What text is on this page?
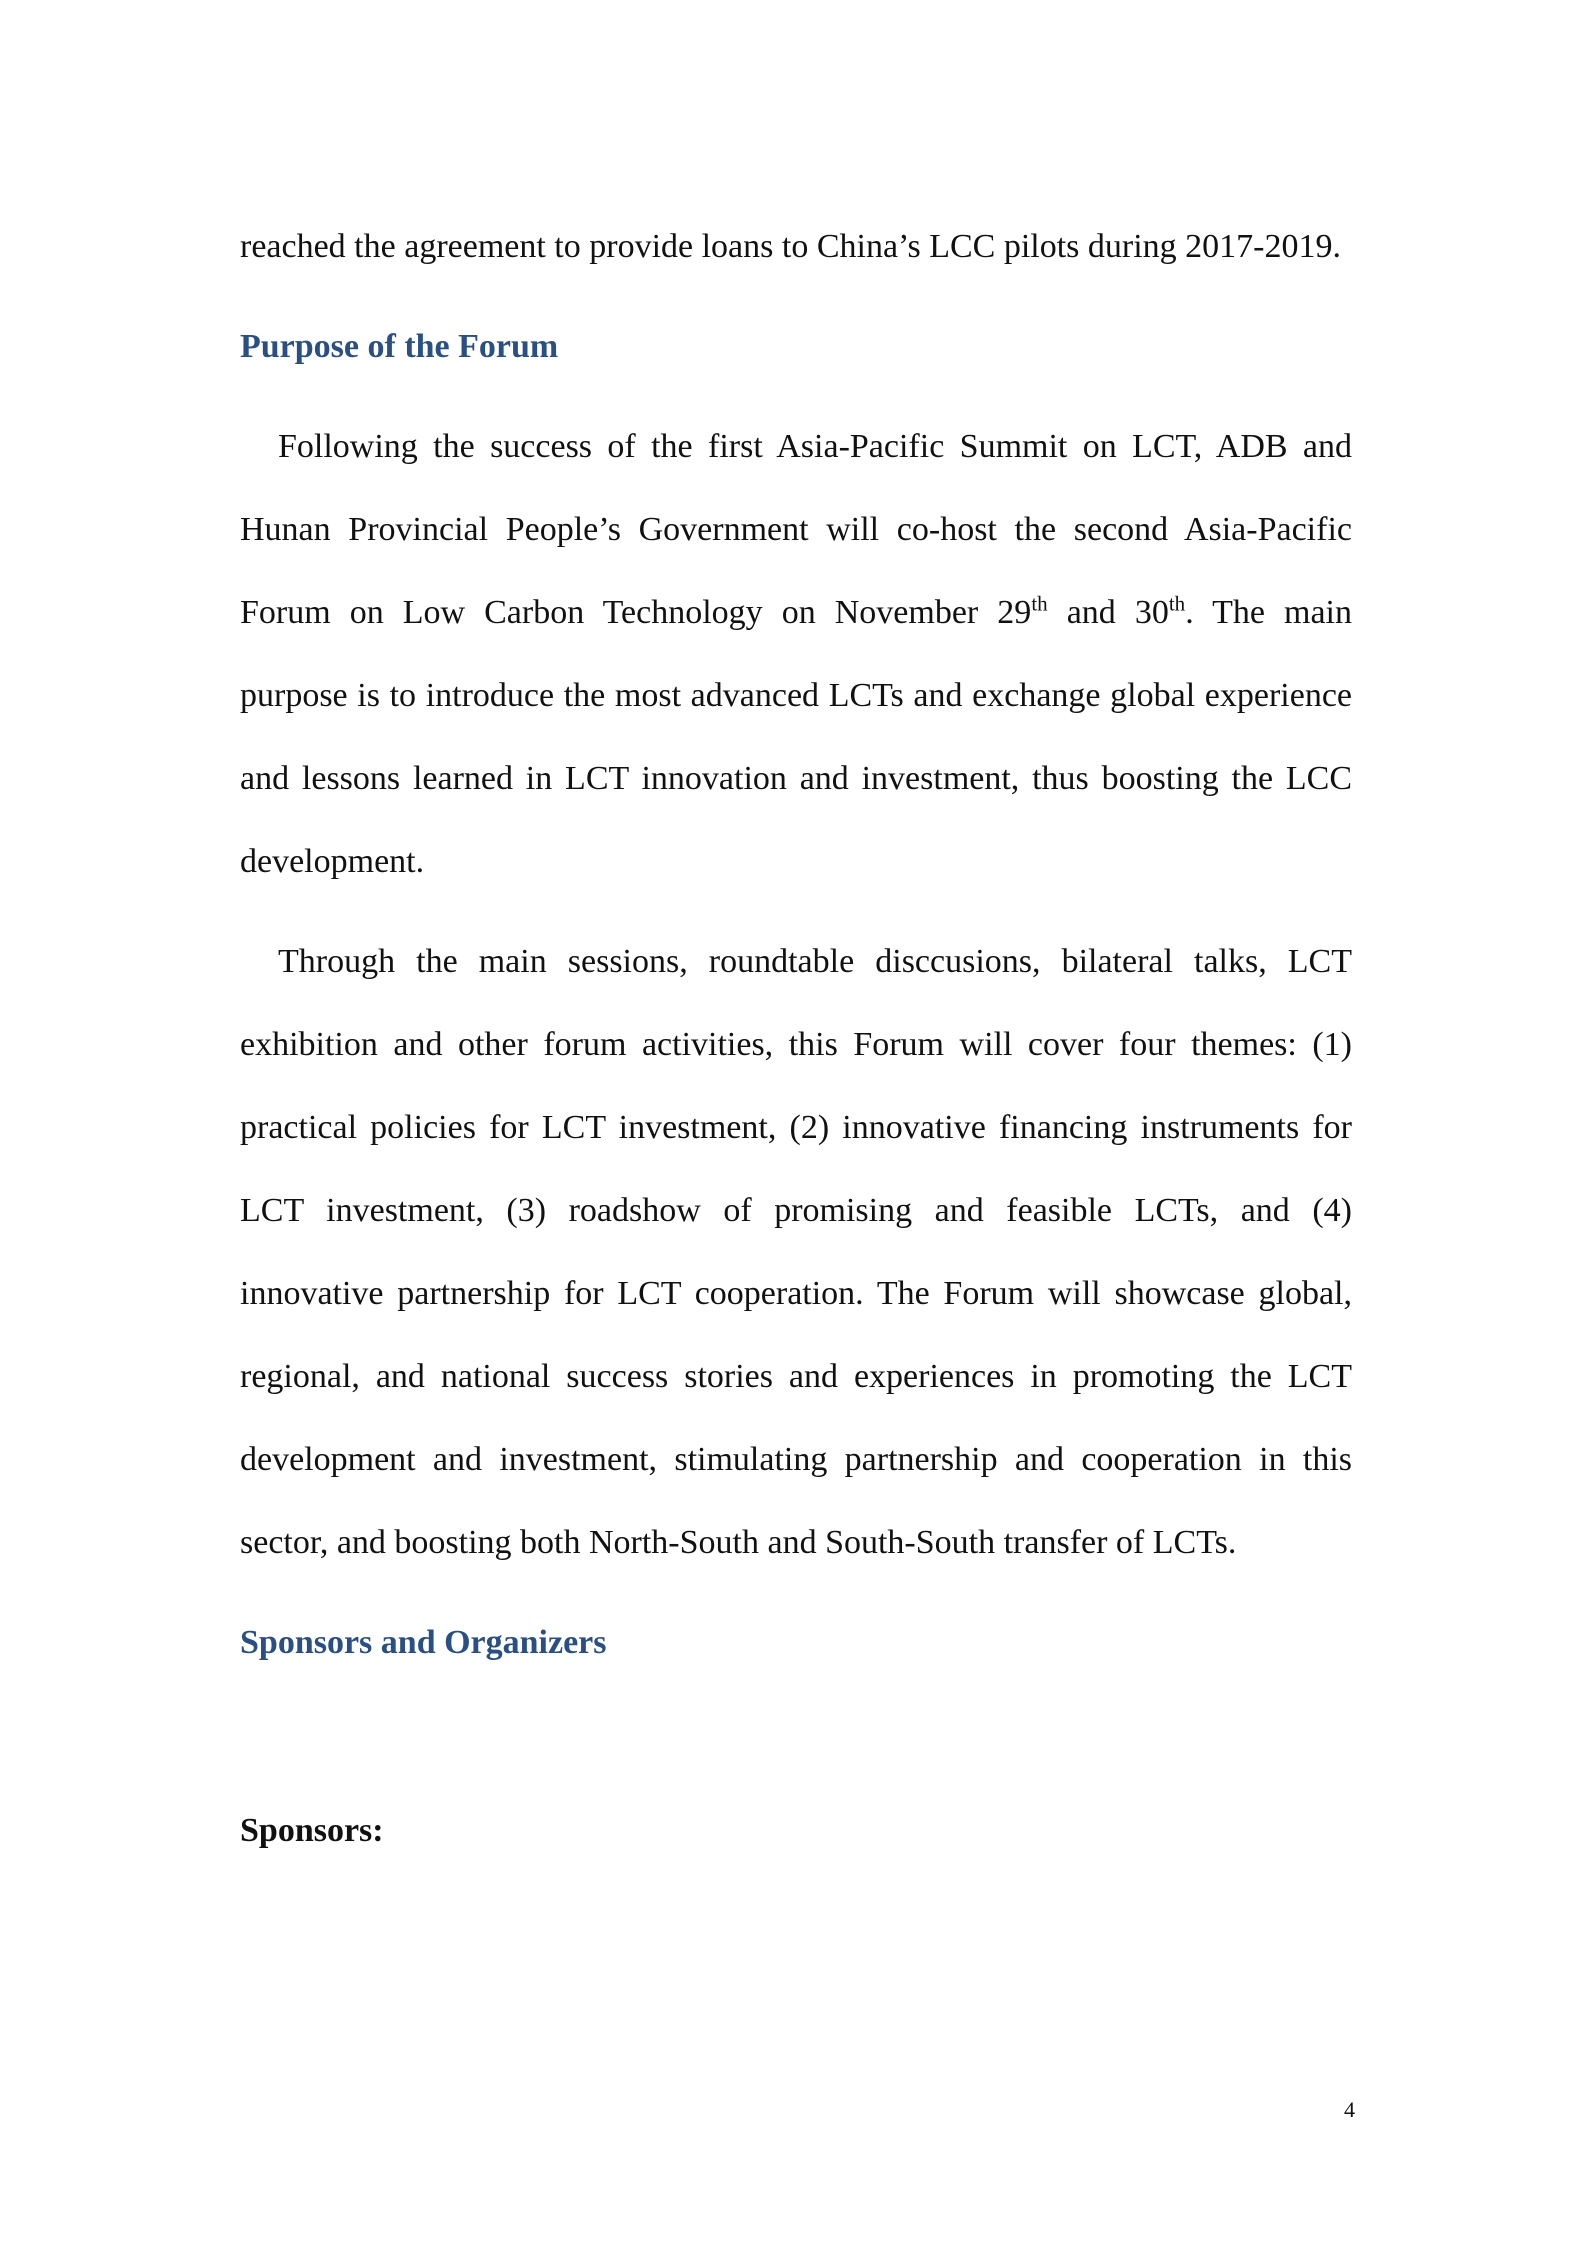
reached the agreement to provide loans to China’s LCC pilots during 2017-2019.

Purpose of the Forum

Following the success of the first Asia-Pacific Summit on LCT, ADB and Hunan Provincial People’s Government will co-host the second Asia-Pacific Forum on Low Carbon Technology on November 29th and 30th. The main purpose is to introduce the most advanced LCTs and exchange global experience and lessons learned in LCT innovation and investment, thus boosting the LCC development.

Through the main sessions, roundtable disccusions, bilateral talks, LCT exhibition and other forum activities, this Forum will cover four themes: (1) practical policies for LCT investment, (2) innovative financing instruments for LCT investment, (3) roadshow of promising and feasible LCTs, and (4) innovative partnership for LCT cooperation. The Forum will showcase global, regional, and national success stories and experiences in promoting the LCT development and investment, stimulating partnership and cooperation in this sector, and boosting both North-South and South-South transfer of LCTs.

Sponsors and Organizers
Sponsors:
4
